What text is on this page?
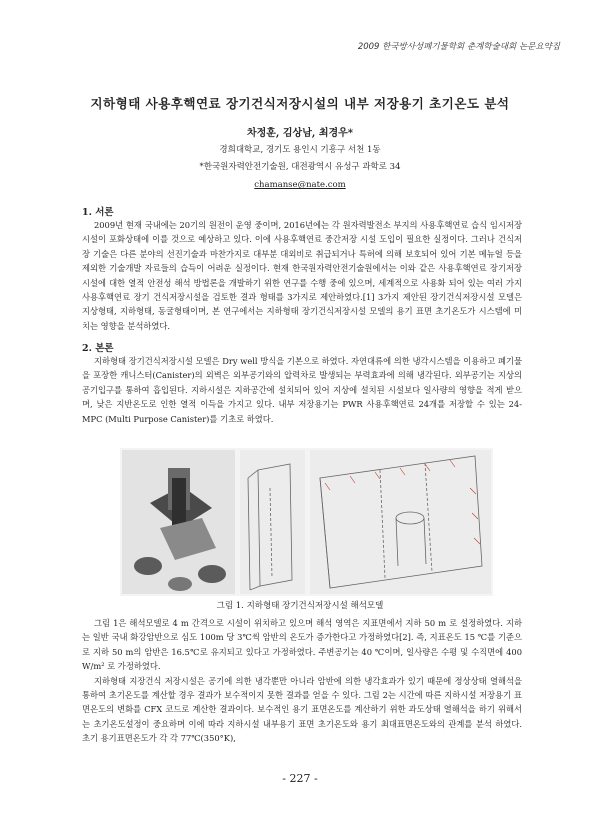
2009 한국방사성폐기물학회 춘계학술대회 논문요약집
지하형태 사용후핵연료 장기건식저장시설의 내부 저장용기 초기온도 분석
차정훈, 김상남, 최경우*
경희대학교, 경기도 용인시 기흥구 서천 1동
*한국원자력안전기술원, 대전광역시 유성구 과학로 34
chamanse@nate.com
1. 서론

2009년 현재 국내에는 20기의 원전이 운영 중이며, 2016년에는 각 원자력발전소 부지의 사용후핵연료 습식 임시저장시설이 포화상태에 이를 것으로 예상하고 있다. 이에 사용후핵연료 중간저장 시설 도입이 필요한 실정이다. 그러나 건식저장 기술은 다른 분야의 선진기술과 마찬가지로 대부분 대외비로 취급되거나 특허에 의해 보호되어 있어 기본 메뉴얼 등을 제외한 기술개발 자료들의 습득이 어려운 실정이다. 현재 한국원자력안전기술원에서는 이와 같은 사용후핵연료 장기저장 시설에 대한 열적 안전성 해석 방법론을 개발하기 위한 연구를 수행 중에 있으며, 세계적으로 사용화 되어 있는 여러 가지 사용후핵연료 장기 건식저장시설을 검토한 결과 형태를 3가지로 제안하였다.[1] 3가지 제안된 장기건식저장시설 모델은 지상형태, 지하형태, 동굴형태이며, 본 연구에서는 지하형태 장기건식저장시설 모델의 용기 표면 초기온도가 시스템에 미치는 영향을 분석하였다.

2. 본론

지하형태 장기건식저장시설 모델은 Dry well 방식을 기본으로 하였다. 자연대류에 의한 냉각시스템을 이용하고 폐기물을 포장한 캐니스터(Canister)의 외벽은 외부공기와의 압력차로 발생되는 부력효과에 의해 냉각된다. 외부공기는 지상의 공기입구를 통하여 흡입된다. 지하시설은 지하공간에 설치되어 있어 지상에 설치된 시설보다 일사량의 영향을 적게 받으며, 낮은 지반온도로 인한 열적 이득을 가지고 있다. 내부 저장용기는 PWR 사용후핵연료 24개를 저장할 수 있는 24-MPC (Multi Purpose Canister)를 기초로 하였다.

그림 1. 지하형태 장기건식저장시설 해석모델

그림 1은 해석모델로 4 m 간격으로 시설이 위치하고 있으며 해석 영역은 지표면에서 지하 50 m 로 설정하였다. 지하는 일반 국내 화강암반으로 심도 100m 당 3℃씩 암반의 온도가 증가한다고 가정하였다[2]. 즉, 지표온도 15 ℃를 기준으로 지하 50 m의 암반은 16.5℃로 유지되고 있다고 가정하였다. 주변공기는 40 ℃이며, 일사량은 수평 및 수직면에 400 W/m² 로 가정하였다.

지하형태 지장건식 저장시설은 공기에 의한 냉각뿐만 아니라 암반에 의한 냉각효과가 있기 때문에 정상상태 열해석을 통하여 초기온도를 계산할 경우 결과가 보수적이지 못한 결과를 얻을 수 있다. 그림 2는 시간에 따른 지하시설 저장용기 표면온도의 변화를 CFX 코드로 계산한 결과이다. 보수적인 용기 표면온도를 계산하기 위한 과도상태 열해석을 하기 위해서는 초기온도설정이 중요하며 이에 따라 지하시설 내부용기 표면 초기온도와 용기 최대표면온도와의 관계를 분석 하였다. 초기 용기표면온도가 각 각 77℃(350°K),

- 227 -
